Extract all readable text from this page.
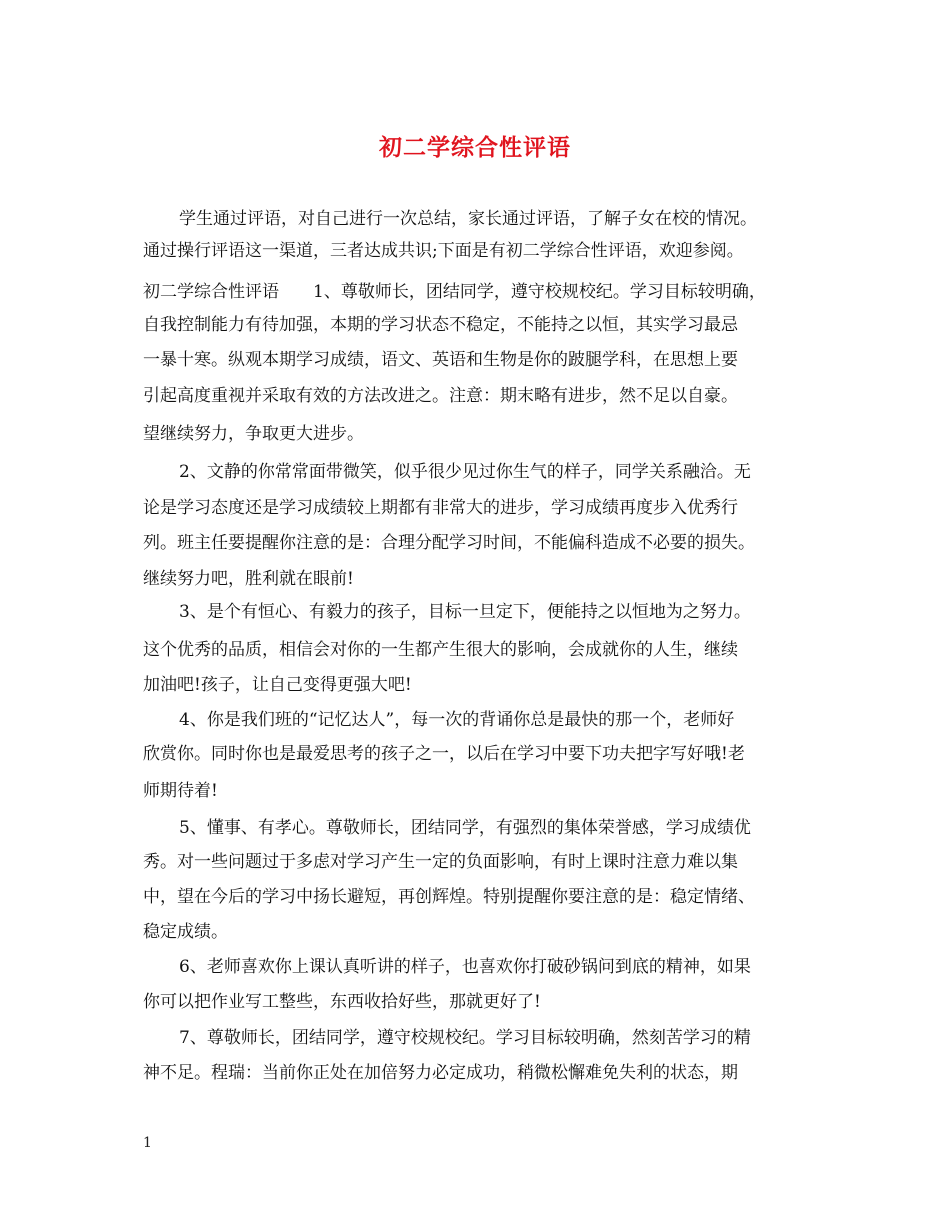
初二学综合性评语
学生通过评语，对自己进行一次总结，家长通过评语，了解子女在校的情况。
通过操行评语这一渠道，三者达成共识;下面是有初二学综合性评语，欢迎参阅。
初二学综合性评语　　1、尊敬师长，团结同学，遵守校规校纪。学习目标较明确，
自我控制能力有待加强，本期的学习状态不稳定，不能持之以恒，其实学习最忌
一暴十寒。纵观本期学习成绩，语文、英语和生物是你的跛腿学科，在思想上要
引起高度重视并采取有效的方法改进之。注意：期末略有进步，然不足以自豪。
望继续努力，争取更大进步。
2、文静的你常常面带微笑，似乎很少见过你生气的样子，同学关系融洽。无
论是学习态度还是学习成绩较上期都有非常大的进步，学习成绩再度步入优秀行
列。班主任要提醒你注意的是：合理分配学习时间，不能偏科造成不必要的损失。
继续努力吧，胜利就在眼前!
3、是个有恒心、有毅力的孩子，目标一旦定下，便能持之以恒地为之努力。
这个优秀的品质，相信会对你的一生都产生很大的影响，会成就你的人生，继续
加油吧!孩子，让自己变得更强大吧!
4、你是我们班的“记忆达人”，每一次的背诵你总是最快的那一个，老师好
欣赏你。同时你也是最爱思考的孩子之一，以后在学习中要下功夫把字写好哦!老
师期待着!
5、懂事、有孝心。尊敬师长，团结同学，有强烈的集体荣誉感，学习成绩优
秀。对一些问题过于多虑对学习产生一定的负面影响，有时上课时注意力难以集
中，望在今后的学习中扬长避短，再创辉煌。特别提醒你要注意的是：稳定情绪、
稳定成绩。
6、老师喜欢你上课认真听讲的样子，也喜欢你打破砂锅问到底的精神，如果
你可以把作业写工整些，东西收拾好些，那就更好了!
7、尊敬师长，团结同学，遵守校规校纪。学习目标较明确，然刻苦学习的精
神不足。程瑞：当前你正处在加倍努力必定成功，稍微松懈难免失利的状态，期
1
